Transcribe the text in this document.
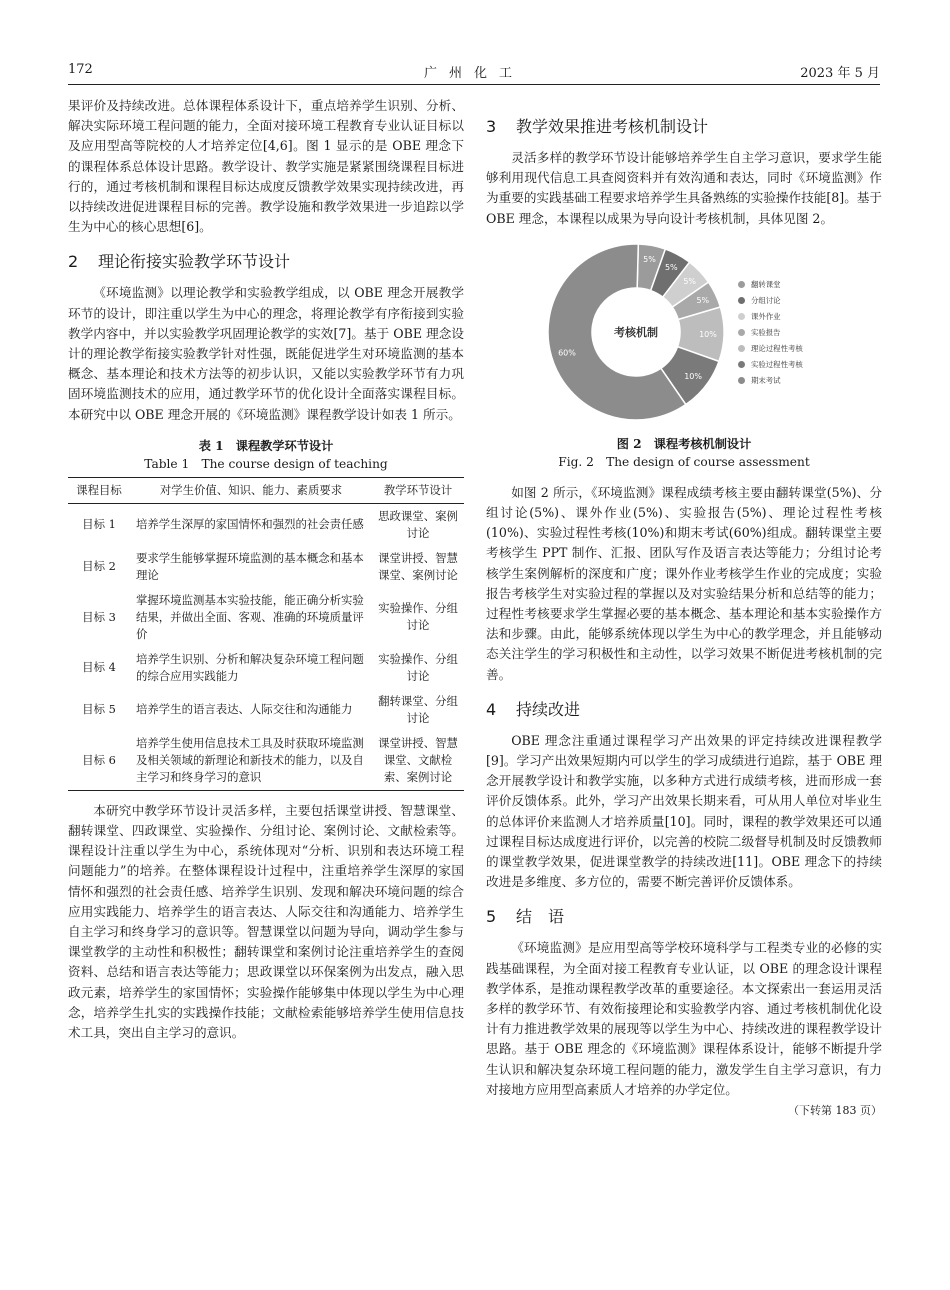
172	广州化工	2023 年 5 月

果评价及持续改进。总体课程体系设计下，重点培养学生识别、分析、解决实际环境工程问题的能力，全面对接环境工程教育专业认证目标以及应用型高等院校的人才培养定位[4,6]。图 1 显示的是 OBE 理念下的课程体系总体设计思路。教学设计、教学实施是紧紧围绕课程目标进行的，通过考核机制和课程目标达成度反馈教学效果实现持续改进，再以持续改进促进课程目标的完善。教学设施和教学效果进一步追踪以学生为中心的核心思想[6]。

2 理论衔接实验教学环节设计

《环境监测》以理论教学和实验教学组成，以 OBE 理念开展教学环节的设计，即注重以学生为中心的理念，将理论教学有序衔接到实验教学内容中，并以实验教学巩固理论教学的实效[7]。基于 OBE 理念设计的理论教学衔接实验教学针对性强，既能促进学生对环境监测的基本概念、基本理论和技术方法等的初步认识，又能以实验教学环节有力巩固环境监测技术的应用，通过教学环节的优化设计全面落实课程目标。本研究中以 OBE 理念开展的《环境监测》课程教学设计如表 1 所示。

表 1　课程教学环节设计
Table 1　The course design of teaching
课程目标	对学生价值、知识、能力、素质要求	教学环节设计
目标 1	培养学生深厚的家国情怀和强烈的社会责任感	思政课堂、案例讨论
目标 2	要求学生能够掌握环境监测的基本概念和基本理论	课堂讲授、智慧课堂、案例讨论
目标 3	掌握环境监测基本实验技能，能正确分析实验结果，并做出全面、客观、准确的环境质量评价	实验操作、分组讨论
目标 4	培养学生识别、分析和解决复杂环境工程问题的综合应用实践能力	实验操作、分组讨论
目标 5	培养学生的语言表达、人际交往和沟通能力	翻转课堂、分组讨论
目标 6	培养学生使用信息技术工具及时获取环境监测及相关领域的新理论和新技术的能力，以及自主学习和终身学习的意识	课堂讲授、智慧课堂、文献检索、案例讨论

本研究中教学环节设计灵活多样，主要包括课堂讲授、智慧课堂、翻转课堂、四政课堂、实验操作、分组讨论、案例讨论、文献检索等。课程设计注重以学生为中心，系统体现对“分析、识别和表达环境工程问题能力”的培养。在整体课程设计过程中，注重培养学生深厚的家国情怀和强烈的社会责任感、培养学生识别、发现和解决环境问题的综合应用实践能力、培养学生的语言表达、人际交往和沟通能力、培养学生自主学习和终身学习的意识等。智慧课堂以问题为导向，调动学生参与课堂教学的主动性和积极性；翻转课堂和案例讨论注重培养学生的查阅资料、总结和语言表达等能力；思政课堂以环保案例为出发点，融入思政元素，培养学生的家国情怀；实验操作能够集中体现以学生为中心理念，培养学生扎实的实践操作技能；文献检索能够培养学生使用信息技术工具，突出自主学习的意识。

3 教学效果推进考核机制设计

灵活多样的教学环节设计能够培养学生自主学习意识，要求学生能够利用现代信息工具查阅资料并有效沟通和表达，同时《环境监测》作为重要的实践基础工程要求培养学生具备熟练的实验操作技能[8]。基于 OBE 理念，本课程以成果为导向设计考核机制，具体见图 2。

5%
5%
5%
5%
10%
10%
60%
考核机制
翻转课堂
分组讨论
课外作业
实验报告
理论过程性考核
实验过程性考核
期末考试
图 2　课程考核机制设计
Fig. 2　The design of course assessment

如图 2 所示，《环境监测》课程成绩考核主要由翻转课堂(5%)、分组讨论(5%)、课外作业(5%)、实验报告(5%)、理论过程性考核(10%)、实验过程性考核(10%)和期末考试(60%)组成。翻转课堂主要考核学生 PPT 制作、汇报、团队写作及语言表达等能力；分组讨论考核学生案例解析的深度和广度；课外作业考核学生作业的完成度；实验报告考核学生对实验过程的掌握以及对实验结果分析和总结等的能力；过程性考核要求学生掌握必要的基本概念、基本理论和基本实验操作方法和步骤。由此，能够系统体现以学生为中心的教学理念，并且能够动态关注学生的学习积极性和主动性，以学习效果不断促进考核机制的完善。

4 持续改进

OBE 理念注重通过课程学习产出效果的评定持续改进课程教学[9]。学习产出效果短期内可以学生的学习成绩进行追踪，基于 OBE 理念开展教学设计和教学实施，以多种方式进行成绩考核，进而形成一套评价反馈体系。此外，学习产出效果长期来看，可从用人单位对毕业生的总体评价来监测人才培养质量[10]。同时，课程的教学效果还可以通过课程目标达成度进行评价，以完善的校院二级督导机制及时反馈教师的课堂教学效果，促进课堂教学的持续改进[11]。OBE 理念下的持续改进是多维度、多方位的，需要不断完善评价反馈体系。

5 结　语

《环境监测》是应用型高等学校环境科学与工程类专业的必修的实践基础课程，为全面对接工程教育专业认证，以 OBE 的理念设计课程教学体系，是推动课程教学改革的重要途径。本文探索出一套运用灵活多样的教学环节、有效衔接理论和实验教学内容、通过考核机制优化设计有力推进教学效果的展现等以学生为中心、持续改进的课程教学设计思路。基于 OBE 理念的《环境监测》课程体系设计，能够不断提升学生认识和解决复杂环境工程问题的能力，激发学生自主学习意识，有力对接地方应用型高素质人才培养的办学定位。

（下转第 183 页）
